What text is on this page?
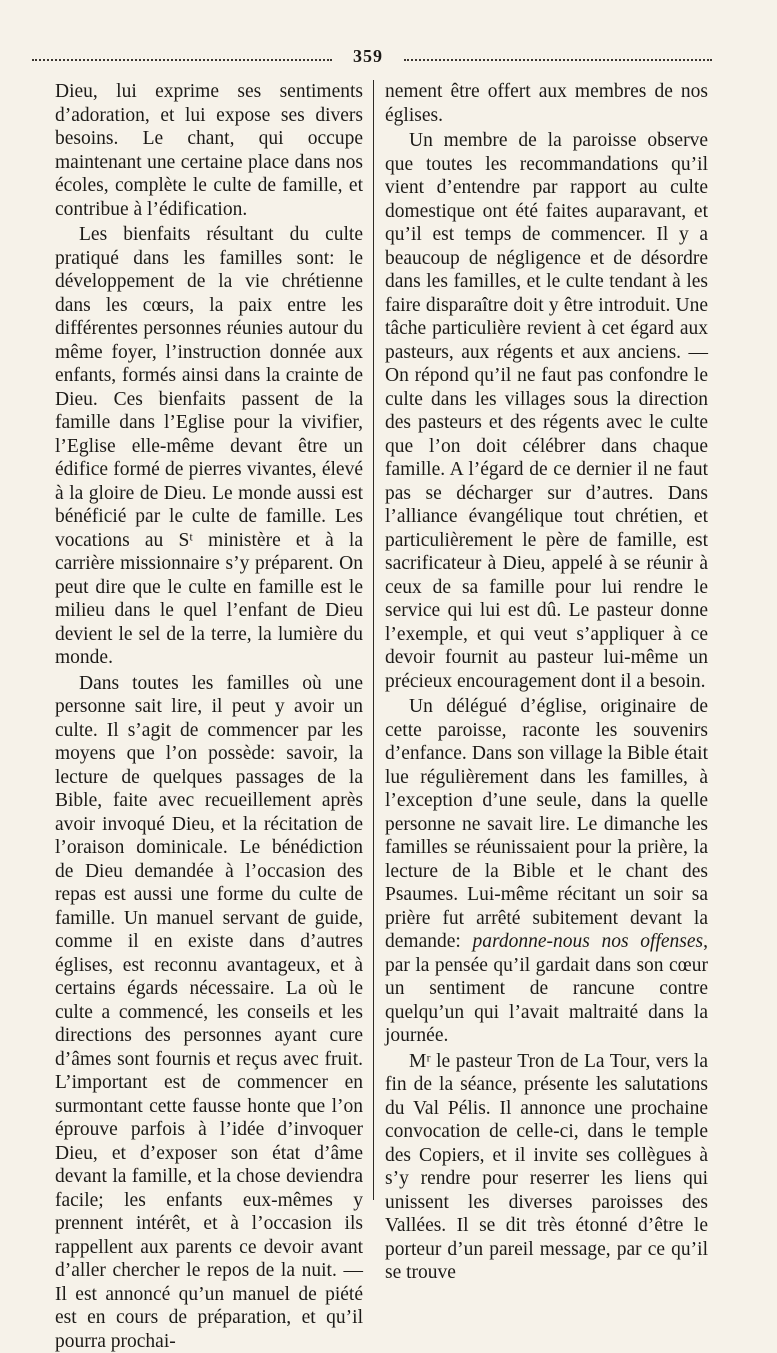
359

Dieu, lui exprime ses sentiments d’adoration, et lui expose ses divers besoins. Le chant, qui occupe maintenant une certaine place dans nos écoles, complète le culte de famille, et contribue à l’édification.

Les bienfaits résultant du culte pratiqué dans les familles sont: le développement de la vie chrétienne dans les cœurs, la paix entre les différentes personnes réunies autour du même foyer, l’instruction donnée aux enfants, formés ainsi dans la crainte de Dieu. Ces bienfaits passent de la famille dans l’Eglise pour la vivifier, l’Eglise elle-même devant être un édifice formé de pierres vivantes, élevé à la gloire de Dieu. Le monde aussi est bénéficié par le culte de famille. Les vocations au Sᵗ ministère et à la carrière missionnaire s’y préparent. On peut dire que le culte en famille est le milieu dans le quel l’enfant de Dieu devient le sel de la terre, la lumière du monde.

Dans toutes les familles où une personne sait lire, il peut y avoir un culte. Il s’agit de commencer par les moyens que l’on possède: savoir, la lecture de quelques passages de la Bible, faite avec recueillement après avoir invoqué Dieu, et la récitation de l’oraison dominicale. Le bénédiction de Dieu demandée à l’occasion des repas est aussi une forme du culte de famille. Un manuel servant de guide, comme il en existe dans d’autres églises, est reconnu avantageux, et à certains égards nécessaire. La où le culte a commencé, les conseils et les directions des personnes ayant cure d’âmes sont fournis et reçus avec fruit. L’important est de commencer en surmontant cette fausse honte que l’on éprouve parfois à l’idée d’invoquer Dieu, et d’exposer son état d’âme devant la famille, et la chose deviendra facile; les enfants eux-mêmes y prennent intérêt, et à l’occasion ils rappellent aux parents ce devoir avant d’aller chercher le repos de la nuit. — Il est annoncé qu’un manuel de piété est en cours de préparation, et qu’il pourra prochai-

nement être offert aux membres de nos églises.

Un membre de la paroisse observe que toutes les recommandations qu’il vient d’entendre par rapport au culte domestique ont été faites auparavant, et qu’il est temps de commencer. Il y a beaucoup de négligence et de désordre dans les familles, et le culte tendant à les faire disparaître doit y être introduit. Une tâche particulière revient à cet égard aux pasteurs, aux régents et aux anciens. — On répond qu’il ne faut pas confondre le culte dans les villages sous la direction des pasteurs et des régents avec le culte que l’on doit célébrer dans chaque famille. A l’égard de ce dernier il ne faut pas se décharger sur d’autres. Dans l’alliance évangélique tout chrétien, et particulièrement le père de famille, est sacrificateur à Dieu, appelé à se réunir à ceux de sa famille pour lui rendre le service qui lui est dû. Le pasteur donne l’exemple, et qui veut s’appliquer à ce devoir fournit au pasteur lui-même un précieux encouragement dont il a besoin.

Un délégué d’église, originaire de cette paroisse, raconte les souvenirs d’enfance. Dans son village la Bible était lue régulièrement dans les familles, à l’exception d’une seule, dans la quelle personne ne savait lire. Le dimanche les familles se réunissaient pour la prière, la lecture de la Bible et le chant des Psaumes. Lui-même récitant un soir sa prière fut arrêté subitement devant la demande: pardonne-nous nos offenses, par la pensée qu’il gardait dans son cœur un sentiment de rancune contre quelqu’un qui l’avait maltraité dans la journée.

Mʳ le pasteur Tron de La Tour, vers la fin de la séance, présente les salutations du Val Pélis. Il annonce une prochaine convocation de celle-ci, dans le temple des Copiers, et il invite ses collègues à s’y rendre pour reserrer les liens qui unissent les diverses paroisses des Vallées. Il se dit très étonné d’être le porteur d’un pareil message, par ce qu’il se trouve
